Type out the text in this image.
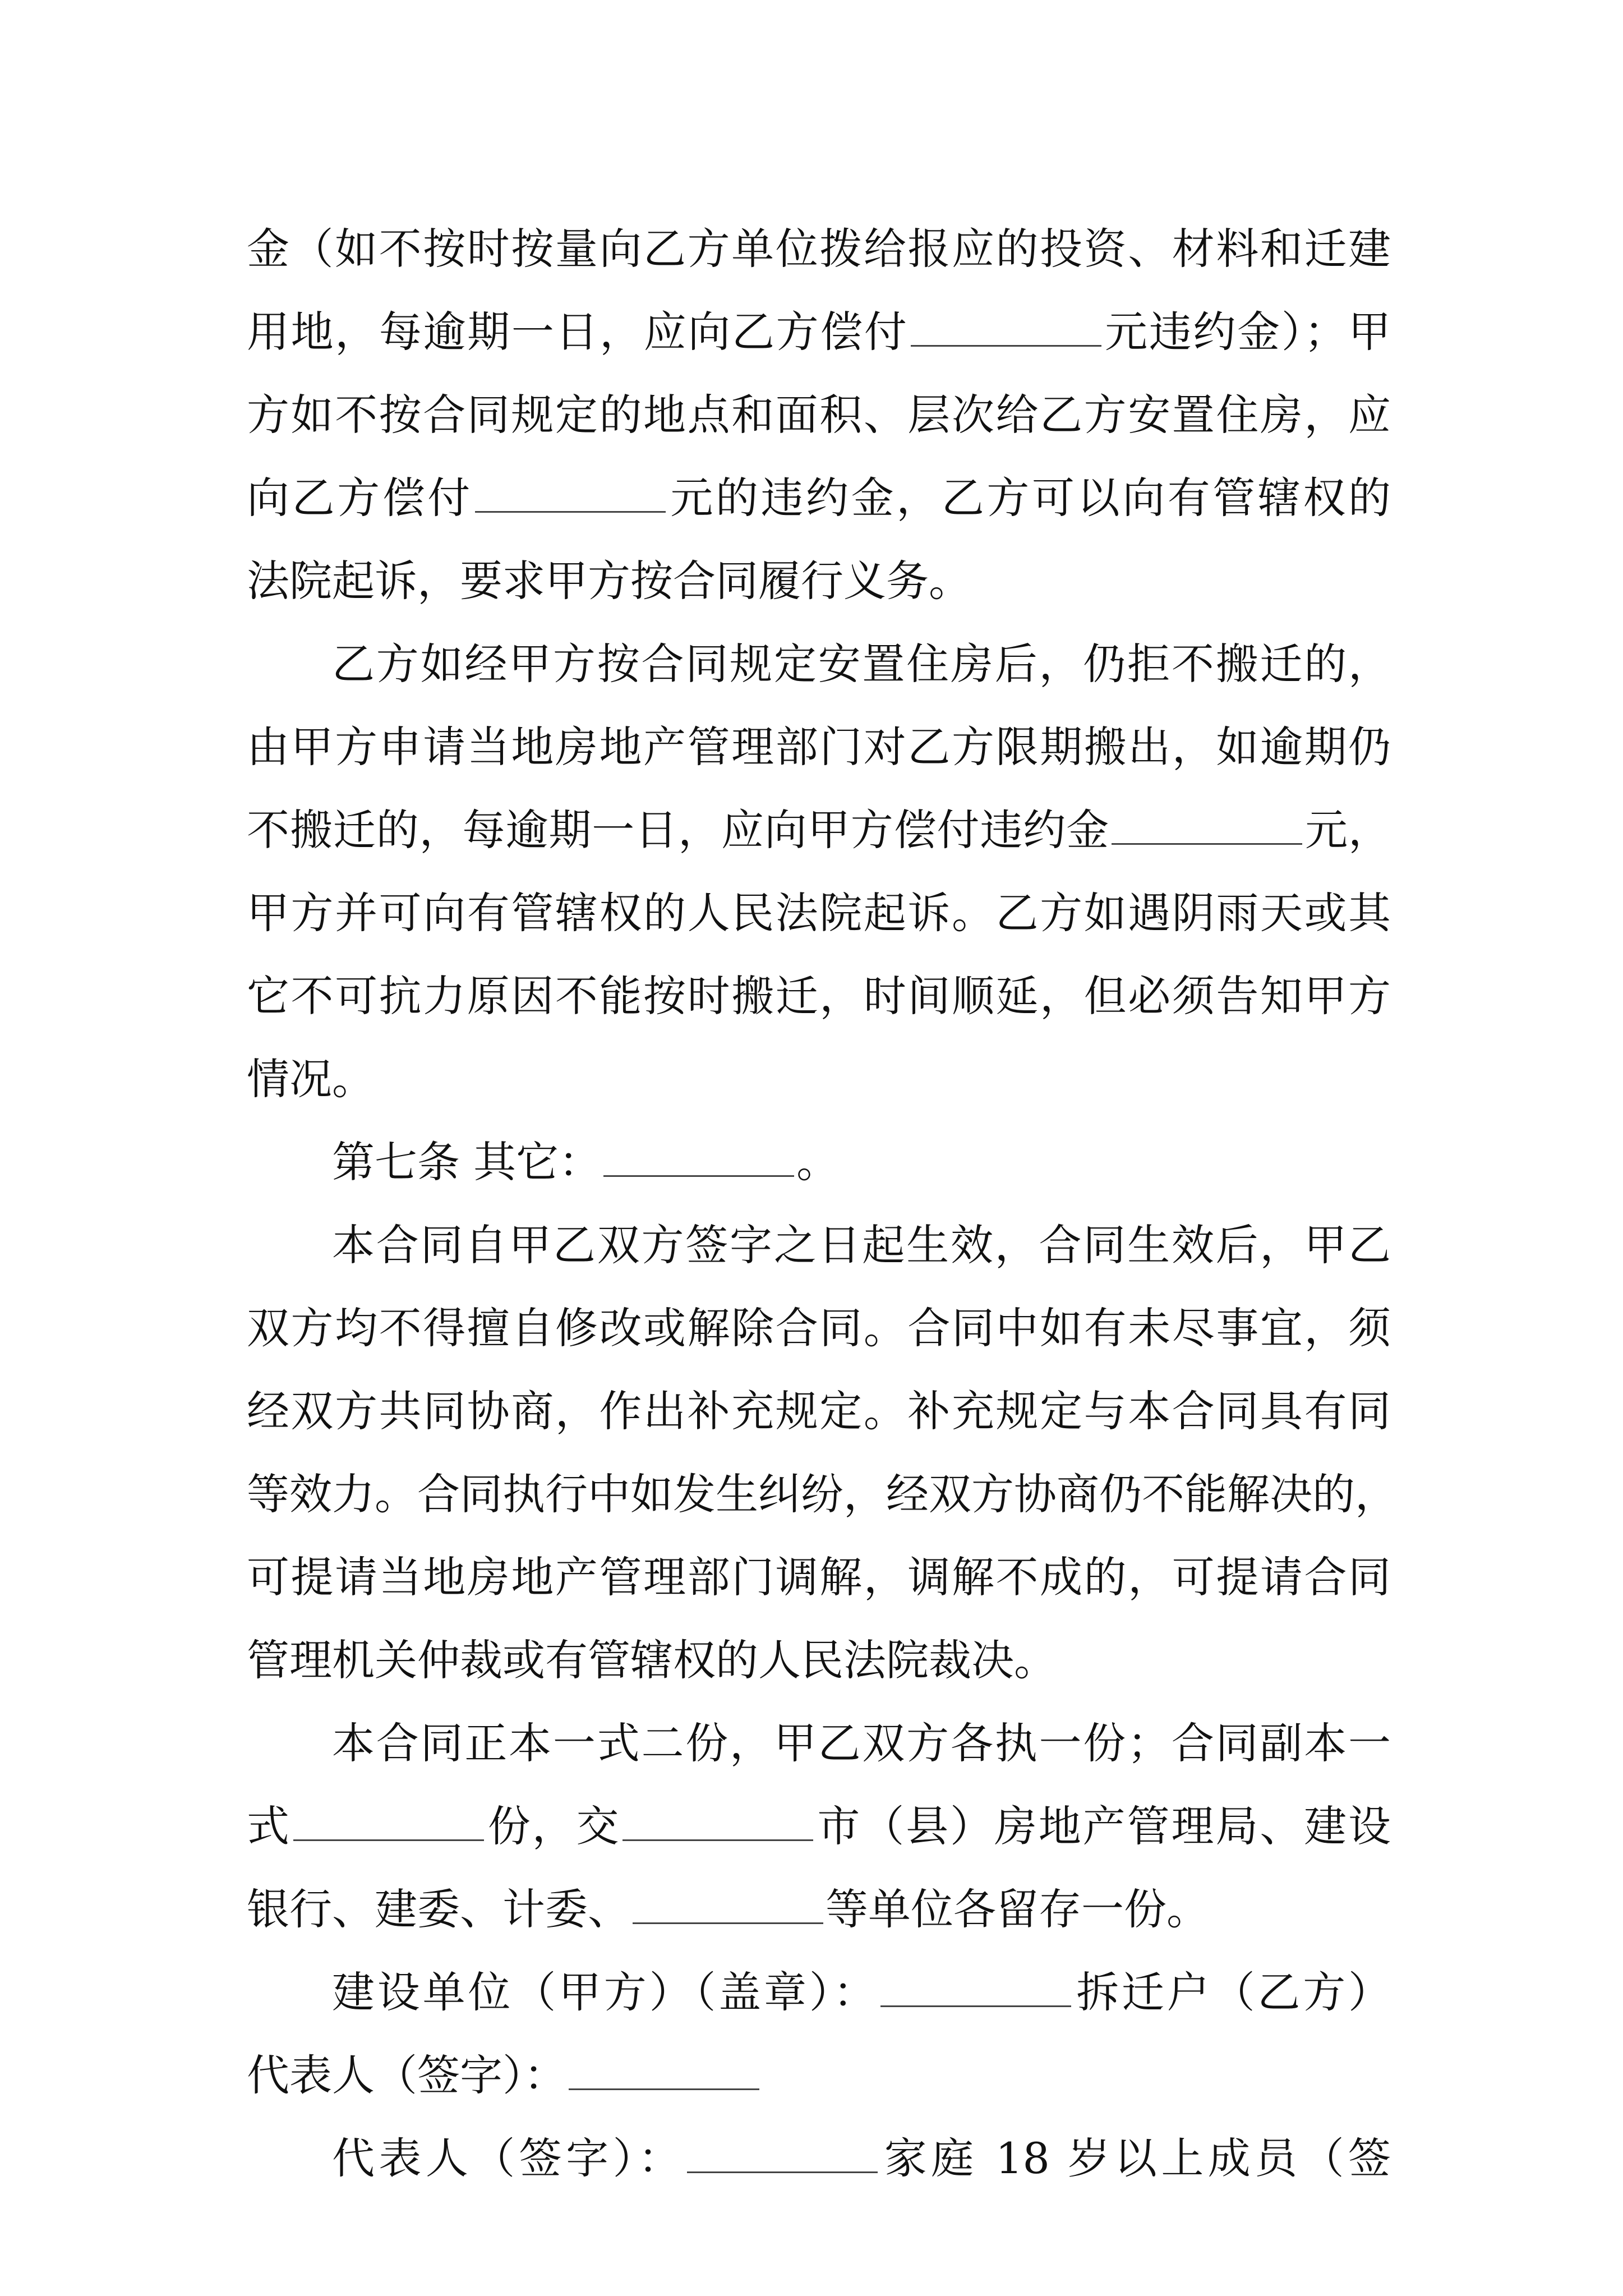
金（如不按时按量向乙方单位拨给报应的投资、材料和迁建
用地，每逾期一日，应向乙方偿付	元违约金）；甲
方如不按合同规定的地点和面积、层次给乙方安置住房，应
向乙方偿付	元的违约金，乙方可以向有管辖权的
法院起诉，要求甲方按合同履行义务。
乙方如经甲方按合同规定安置住房后，仍拒不搬迁的，
由甲方申请当地房地产管理部门对乙方限期搬出，如逾期仍
不搬迁的，每逾期一日，应向甲方偿付违约金	元，
甲方并可向有管辖权的人民法院起诉。乙方如遇阴雨天或其
它不可抗力原因不能按时搬迁，时间顺延，但必须告知甲方
情况。
第七条 其它：	。
本合同自甲乙双方签字之日起生效，合同生效后，甲乙
双方均不得擅自修改或解除合同。合同中如有未尽事宜，须
经双方共同协商，作出补充规定。补充规定与本合同具有同
等效力。合同执行中如发生纠纷，经双方协商仍不能解决的，
可提请当地房地产管理部门调解，调解不成的，可提请合同
管理机关仲裁或有管辖权的人民法院裁决。
本合同正本一式二份，甲乙双方各执一份；合同副本一
式	份，交	市（县）房地产管理局、建设
银行、建委、计委、	等单位各留存一份。
建设单位（甲方）（盖章）：	拆迁户（乙方）
代表人（签字）：
代表人（签字）：	家庭 18 岁以上成员（签
